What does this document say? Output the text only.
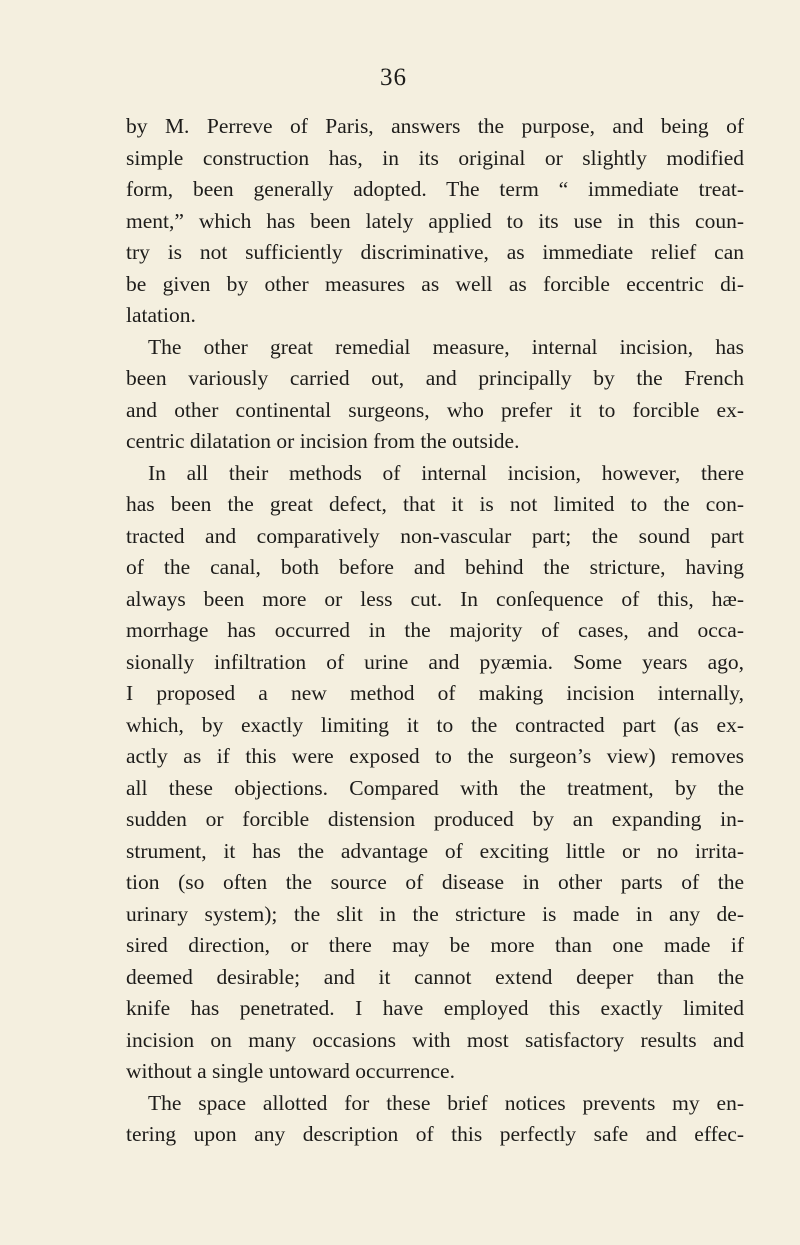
36
by M. Perreve of Paris, answers the purpose, and being of
simple construction has, in its original or slightly modified
form, been generally adopted. The term “ immediate treat-
ment,” which has been lately applied to its use in this coun-
try is not sufficiently discriminative, as immediate relief can
be given by other measures as well as forcible eccentric di-
latation.
The other great remedial measure, internal incision, has
been variously carried out, and principally by the French
and other continental surgeons, who prefer it to forcible ex-
centric dilatation or incision from the outside.
In all their methods of internal incision, however, there
has been the great defect, that it is not limited to the con-
tracted and comparatively non-vascular part; the sound part
of the canal, both before and behind the stricture, having
always been more or less cut. In conſequence of this, hæ-
morrhage has occurred in the majority of cases, and occa-
sionally infiltration of urine and pyæmia. Some years ago,
I proposed a new method of making incision internally,
which, by exactly limiting it to the contracted part (as ex-
actly as if this were exposed to the surgeon’s view) removes
all these objections. Compared with the treatment, by the
sudden or forcible distension produced by an expanding in-
strument, it has the advantage of exciting little or no irrita-
tion (so often the source of disease in other parts of the
urinary system); the slit in the stricture is made in any de-
sired direction, or there may be more than one made if
deemed desirable; and it cannot extend deeper than the
knife has penetrated. I have employed this exactly limited
incision on many occasions with most satisfactory results and
without a single untoward occurrence.
The space allotted for these brief notices prevents my en-
tering upon any description of this perfectly safe and effec-
